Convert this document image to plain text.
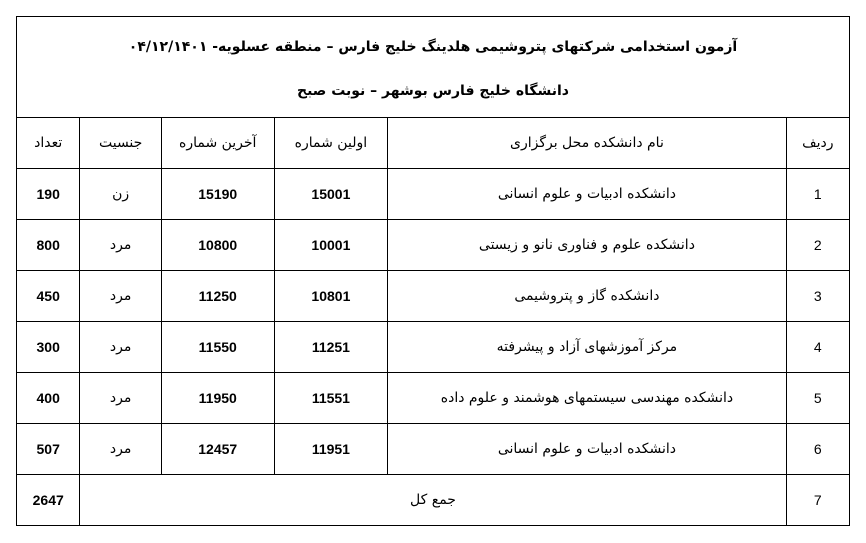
آزمون استخدامی شرکتهای پتروشیمی هلدینگ خلیج فارس – منطقه عسلویه- ۰۴/۱۲/۱۴۰۱
دانشگاه خلیج فارس بوشهر – نوبت صبح					

ردیف	نام دانشکده محل برگزاری	اولین شماره	آخرین شماره	جنسیت	تعداد
1	دانشکده ادبیات و علوم انسانی	15001	15190	زن	190
2	دانشکده علوم و فناوری نانو و زیستی	10001	10800	مرد	800
3	دانشکده گاز و پتروشیمی	10801	11250	مرد	450
4	مرکز آموزشهای آزاد و پیشرفته	11251	11550	مرد	300
5	دانشکده مهندسی سیستمهای هوشمند و علوم داده	11551	11950	مرد	400
6	دانشکده ادبیات و علوم انسانی	11951	12457	مرد	507
7	جمع کل				2647
